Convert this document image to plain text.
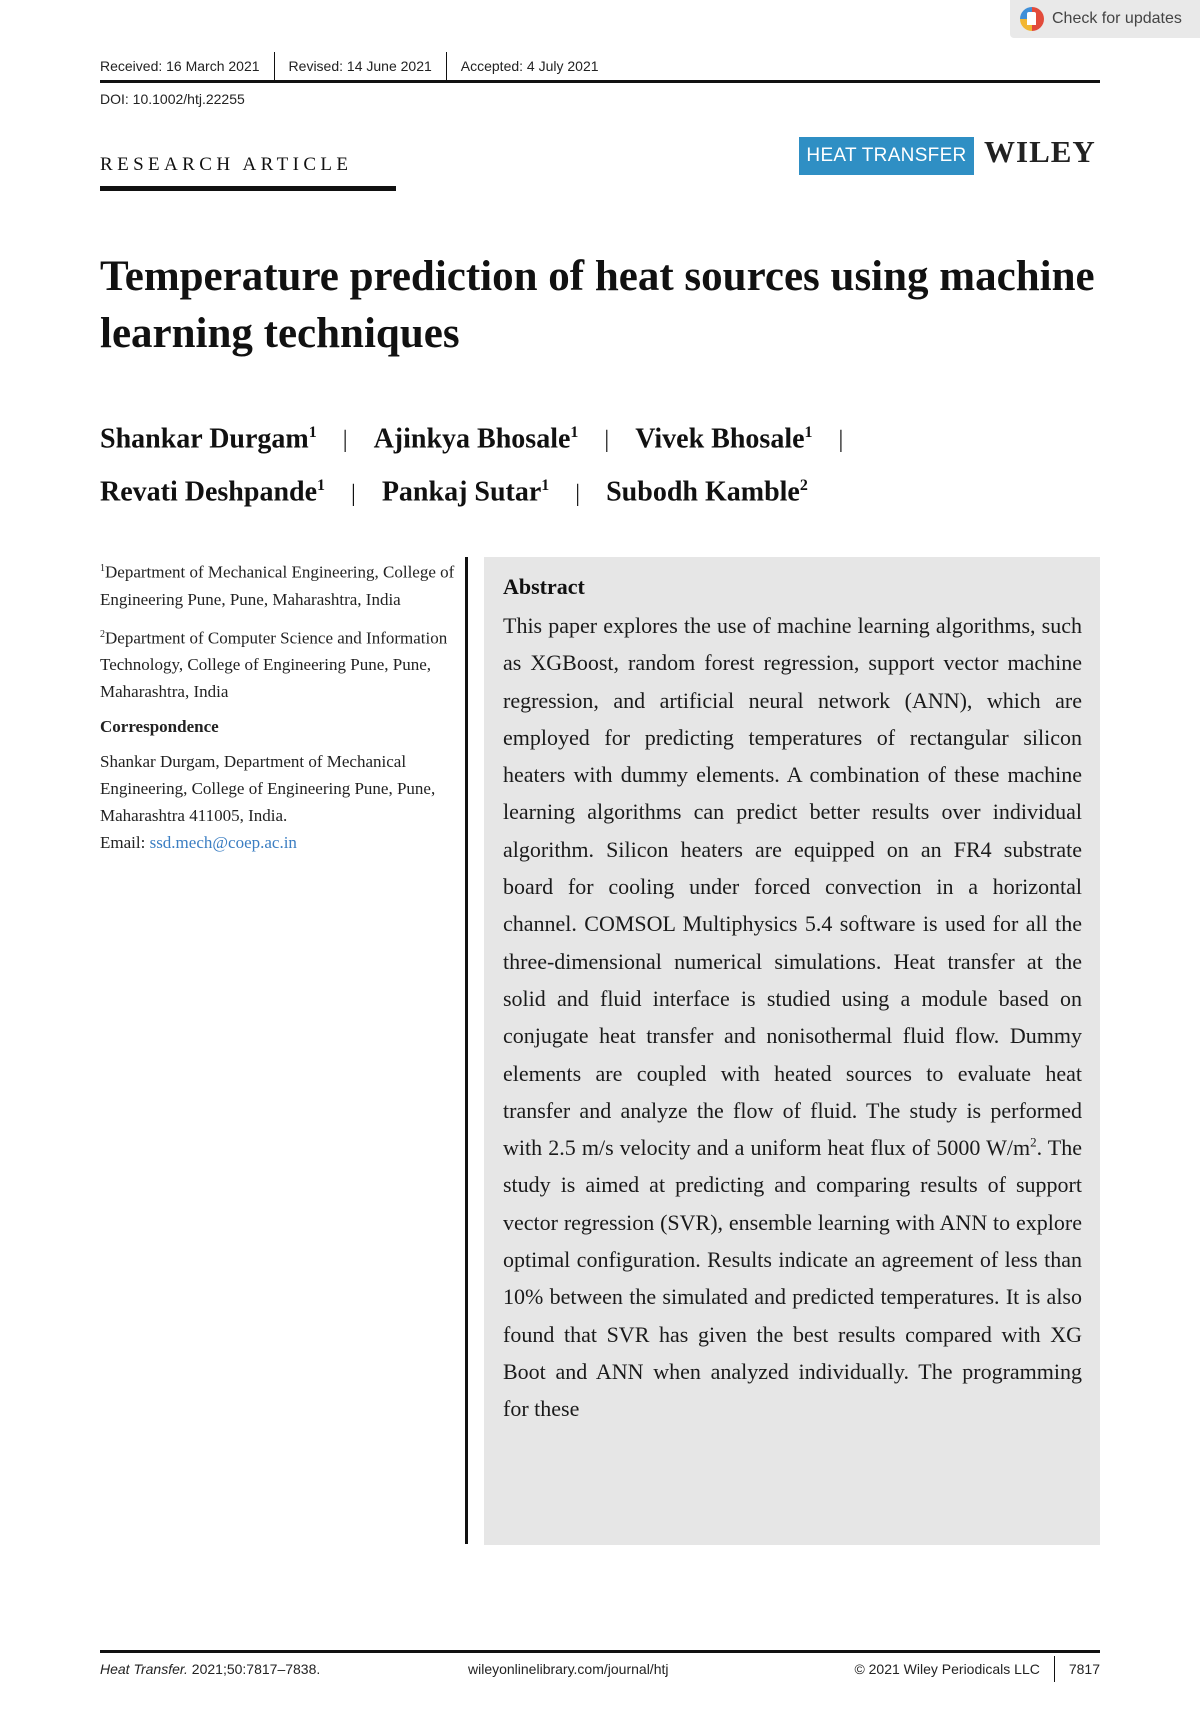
Check for updates
Received: 16 March 2021	Revised: 14 June 2021	Accepted: 4 July 2021
DOI: 10.1002/htj.22255
RESEARCH ARTICLE	HEAT TRANSFER WILEY
Temperature prediction of heat sources using machine learning techniques
Shankar Durgam$^1$ | Ajinkya Bhosale$^1$ | Vivek Bhosale$^1$ |
Revati Deshpande$^1$ | Pankaj Sutar$^1$ | Subodh Kamble$^2$

$^1$Department of Mechanical Engineering, College of Engineering Pune, Pune, Maharashtra, India

$^2$Department of Computer Science and Information Technology, College of Engineering Pune, Pune, Maharashtra, India

Correspondence

Shankar Durgam, Department of Mechanical Engineering, College of Engineering Pune, Pune, Maharashtra 411005, India.
Email: ssd.mech@coep.ac.in

Abstract

This paper explores the use of machine learning algorithms, such as XGBoost, random forest regression, support vector machine regression, and artificial neural network (ANN), which are employed for predicting temperatures of rectangular silicon heaters with dummy elements. A combination of these machine learning algorithms can predict better results over individual algorithm. Silicon heaters are equipped on an FR4 substrate board for cooling under forced convection in a horizontal channel. COMSOL Multiphysics 5.4 software is used for all the three-dimensional numerical simulations. Heat transfer at the solid and fluid interface is studied using a module based on conjugate heat transfer and nonisothermal fluid flow. Dummy elements are coupled with heated sources to evaluate heat transfer and analyze the flow of fluid. The study is performed with 2.5 m/s velocity and a uniform heat flux of 5000 $W/m^2$. The study is aimed at predicting and comparing results of support vector regression (SVR), ensemble learning with ANN to explore optimal configuration. Results indicate an agreement of less than 10% between the simulated and predicted temperatures. It is also found that SVR has given the best results compared with XG Boot and ANN when analyzed individually. The programming for these

Heat Transfer. 2021;50:7817–7838.	wileyonlinelibrary.com/journal/htj	© 2021 Wiley Periodicals LLC	7817
